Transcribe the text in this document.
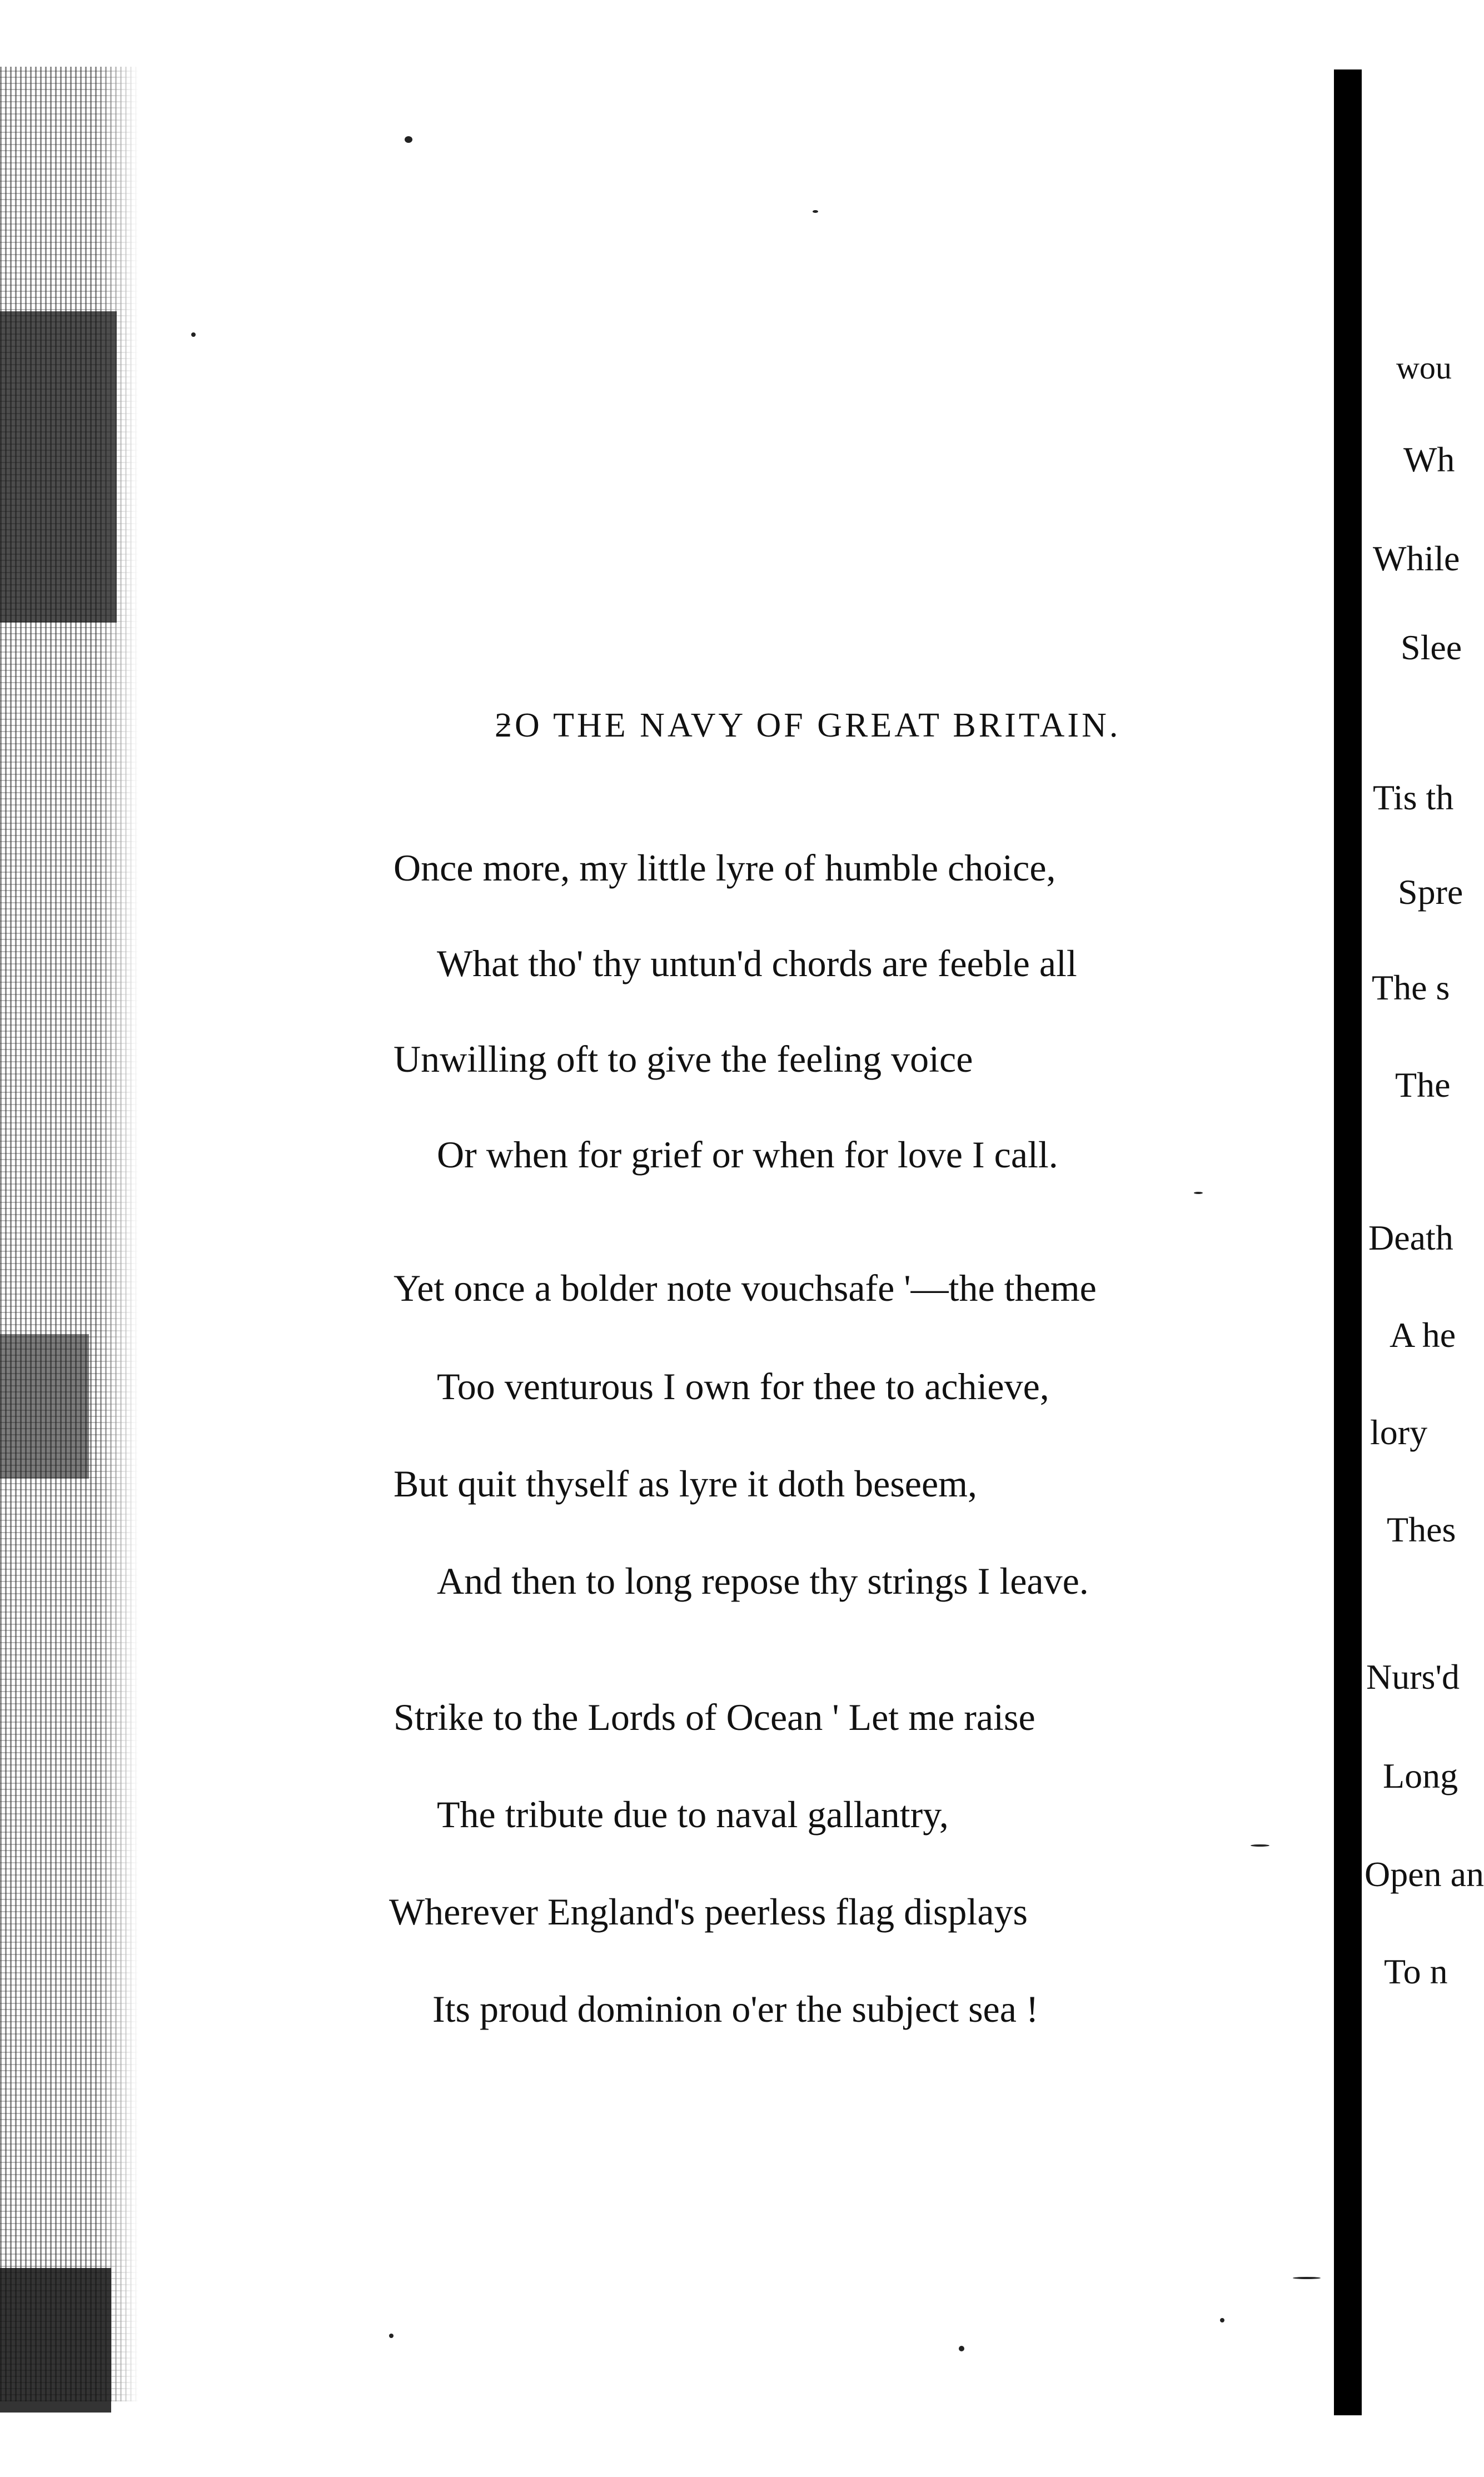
ƻO THE NAVY OF GREAT BRITAIN.
Once more, my little lyre of humble choice,
What tho' thy untun'd chords are feeble all
Unwilling oft to give the feeling voice
Or when for grief or when for love I call.
Yet once a bolder note vouchsafe '—the theme
Too venturous I own for thee to achieve,
But quit thyself as lyre it doth beseem,
And then to long repose thy strings I leave.
Strike to the Lords of Ocean ' Let me raise
The tribute due to naval gallantry,
Wherever England's peerless flag displays
Its proud dominion o'er the subject sea !
wou
Wh
While
Slee
Tis th
Spre
The s
The
Death
A he
lory
Thes
Nurs'd
Long
Open an
To n
